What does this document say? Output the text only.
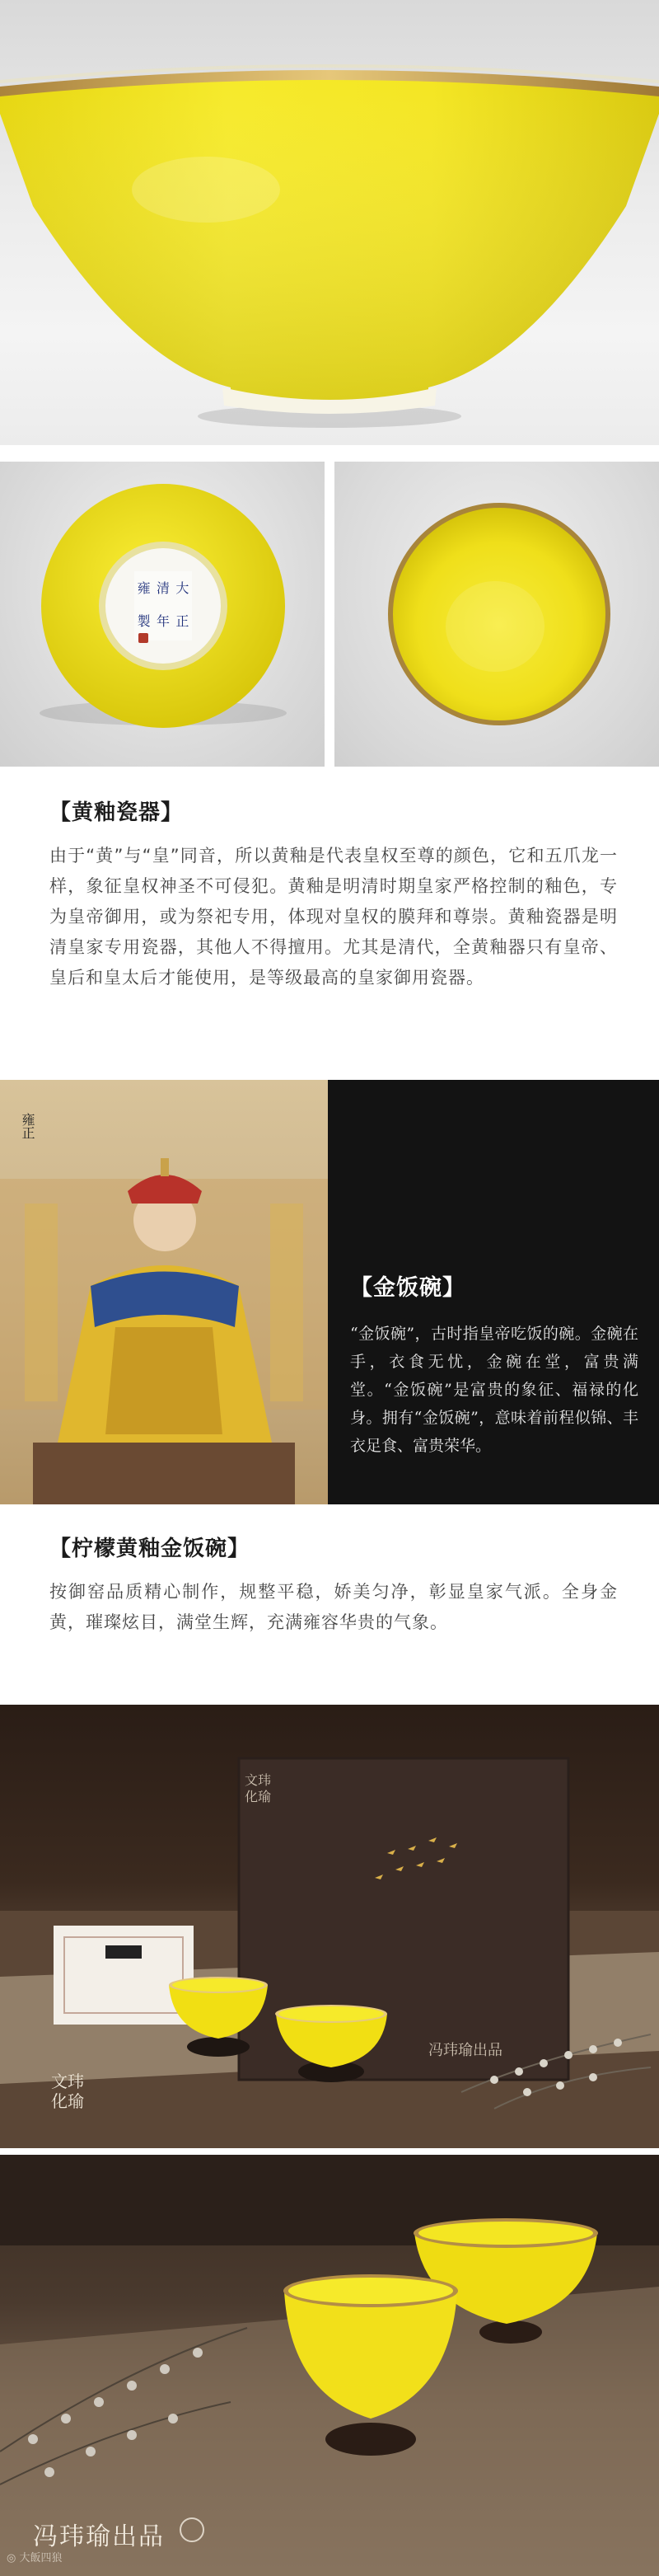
大
清
雍
正
年
製
【黄釉瓷器】
由于“黄”与“皇”同音，所以黄釉是代表皇权至尊的颜色，它和五爪龙一样，象征皇权神圣不可侵犯。黄釉是明清时期皇家严格控制的釉色，专为皇帝御用，或为祭祀专用，体现对皇权的膜拜和尊崇。黄釉瓷器是明清皇家专用瓷器，其他人不得擅用。尤其是清代，全黄釉器只有皇帝、皇后和皇太后才能使用，是等级最高的皇家御用瓷器。
雍正
【金饭碗】
“金饭碗”，古时指皇帝吃饭的碗。金碗在手，衣食无忧，金碗在堂，富贵满堂。“金饭碗”是富贵的象征、福禄的化身。拥有“金饭碗”，意味着前程似锦、丰衣足食、富贵荣华。
【柠檬黄釉金饭碗】
按御窑品质精心制作，规整平稳，娇美匀净，彰显皇家气派。全身金黄，璀璨炫目，满堂生辉，充满雍容华贵的气象。
文玮
化瑜
冯玮瑜出品
文玮
化瑜
冯玮瑜出品
◎ 大飯四狼
